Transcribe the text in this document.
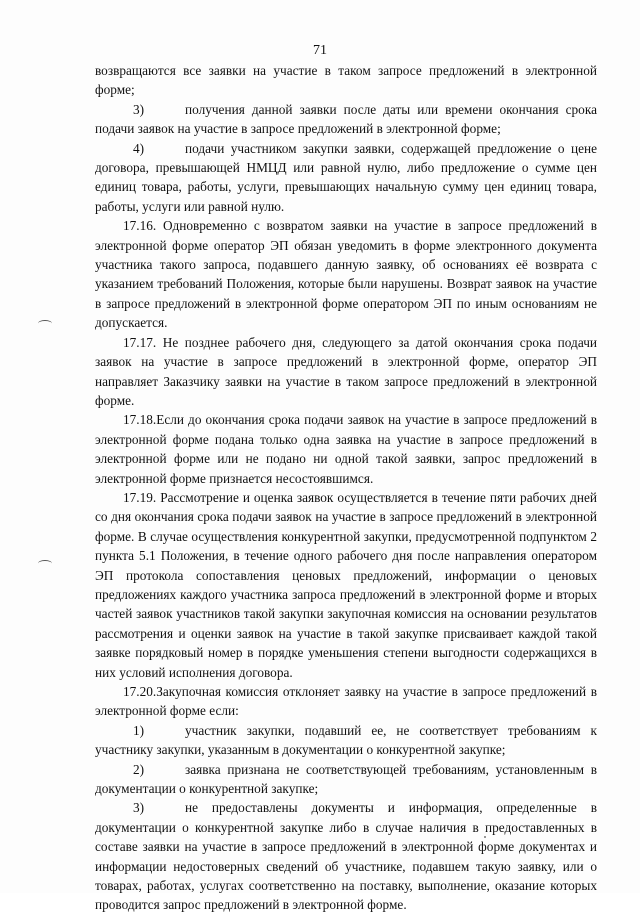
71

возвращаются все заявки на участие в таком запросе предложений в электронной форме;

3)	получения данной заявки после даты или времени окончания срока подачи заявок на участие в запросе предложений в электронной форме;

4)	подачи участником закупки заявки, содержащей предложение о цене договора, превышающей НМЦД или равной нулю, либо предложение о сумме цен единиц товара, работы, услуги, превышающих начальную сумму цен единиц товара, работы, услуги или равной нулю.

17.16. Одновременно с возвратом заявки на участие в запросе предложений в электронной форме оператор ЭП обязан уведомить в форме электронного документа участника такого запроса, подавшего данную заявку, об основаниях её возврата с указанием требований Положения, которые были нарушены. Возврат заявок на участие в запросе предложений в электронной форме оператором ЭП по иным основаниям не допускается.

17.17. Не позднее рабочего дня, следующего за датой окончания срока подачи заявок на участие в запросе предложений в электронной форме, оператор ЭП направляет Заказчику заявки на участие в таком запросе предложений в электронной форме.

17.18.Если до окончания срока подачи заявок на участие в запросе предложений в электронной форме подана только одна заявка на участие в запросе предложений в электронной форме или не подано ни одной такой заявки, запрос предложений в электронной форме признается несостоявшимся.

17.19. Рассмотрение и оценка заявок осуществляется в течение пяти рабочих дней со дня окончания срока подачи заявок на участие в запросе предложений в электронной форме. В случае осуществления конкурентной закупки, предусмотренной подпунктом 2 пункта 5.1 Положения, в течение одного рабочего дня после направления оператором ЭП протокола сопоставления ценовых предложений, информации о ценовых предложениях каждого участника запроса предложений в электронной форме и вторых частей заявок участников такой закупки закупочная комиссия на основании результатов рассмотрения и оценки заявок на участие в такой закупке присваивает каждой такой заявке порядковый номер в порядке уменьшения степени выгодности содержащихся в них условий исполнения договора.

17.20.Закупочная комиссия отклоняет заявку на участие в запросе предложений в электронной форме если:

1)	участник закупки, подавший ее, не соответствует требованиям к участнику закупки, указанным в документации о конкурентной закупке;

2)	заявка признана не соответствующей требованиям, установленным в документации о конкурентной закупке;

3)	не предоставлены документы и информация, определенные в документации о конкурентной закупке либо в случае наличия в предоставленных в составе заявки на участие в запросе предложений в электронной форме документах и информации недостоверных сведений об участнике, подавшем такую заявку, или о товарах, работах, услугах соответственно на поставку, выполнение, оказание которых проводится запрос предложений в электронной форме.
